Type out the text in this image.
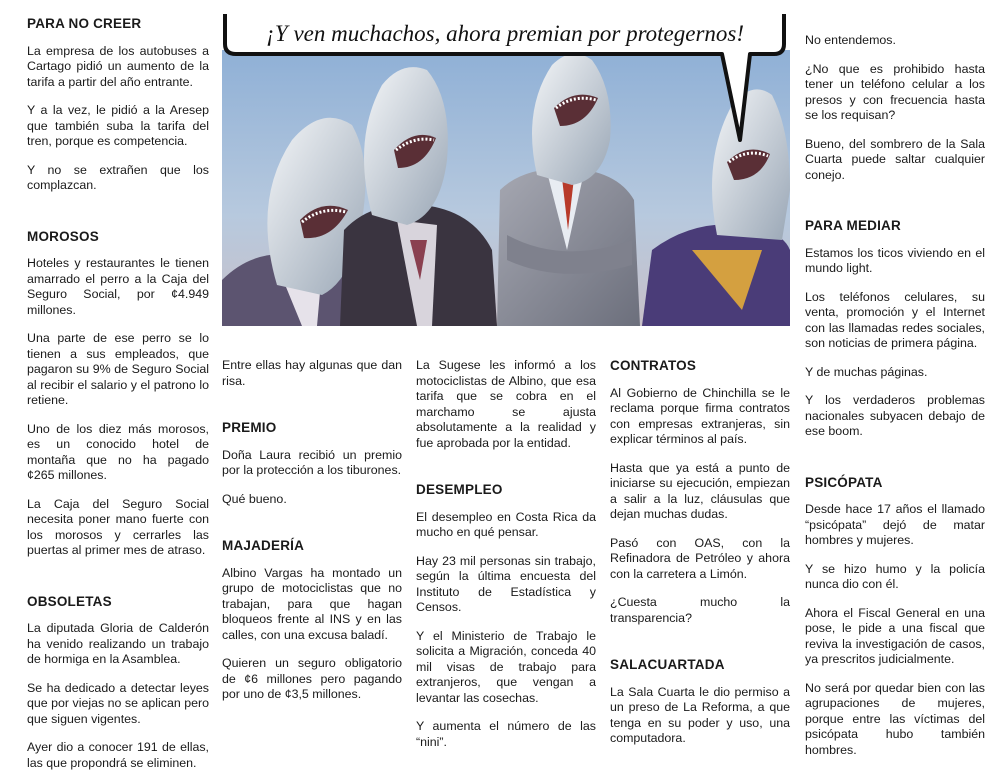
¡Y ven muchachos, ahora premian por protegernos!
PARA NO CREER

La empresa de los autobuses a Cartago pidió un aumento de la tarifa a partir del año entrante.

Y a la vez, le pidió a la Aresep que también suba la tarifa del tren, porque es competencia.

Y no se extrañen que los complazcan.

MOROSOS

Hoteles y restaurantes le tienen amarrado el perro a la Caja del Seguro Social, por ¢4.949 millones.

Una parte de ese perro se lo tienen a sus empleados, que pagaron su 9% de Seguro Social al recibir el salario y el patrono lo retiene.

Uno de los diez más morosos, es un conocido hotel de montaña que no ha pagado ¢265 millones.

La Caja del Seguro Social necesita poner mano fuerte con los morosos y cerrarles las puertas al primer mes de atraso.

OBSOLETAS

La diputada Gloria de Calderón ha venido realizando un trabajo de hormiga en la Asamblea.

Se ha dedicado a detectar leyes que por viejas no se aplican pero que siguen vigentes.

Ayer dio a conocer 191 de ellas, las que propondrá se eliminen.

Entre ellas hay algunas que dan risa.

PREMIO

Doña Laura recibió un premio por la protección a los tiburones.

Qué bueno.

MAJADERÍA

Albino Vargas ha montado un grupo de motociclistas que no trabajan, para que hagan bloqueos frente al INS y en las calles, con una excusa baladí.

Quieren un seguro obligatorio de ¢6 millones pero pagando por uno de ¢3,5 millones.

La Sugese les informó a los motociclistas de Albino, que esa tarifa que se cobra en el marchamo se ajusta absolutamente a la realidad y fue aprobada por la entidad.

DESEMPLEO

El desempleo en Costa Rica da mucho en qué pensar.

Hay 23 mil personas sin trabajo, según la última encuesta del Instituto de Estadística y Censos.

Y el Ministerio de Trabajo le solicita a Migración, conceda 40 mil visas de trabajo para extranjeros, que vengan a levantar las cosechas.

Y aumenta el número de las “nini”.

CONTRATOS

Al Gobierno de Chinchilla se le reclama porque firma contratos con empresas extranjeras, sin explicar términos al país.

Hasta que ya está a punto de iniciarse su ejecución, empiezan a salir a la luz, cláusulas que dejan muchas dudas.

Pasó con OAS, con la Refinadora de Petróleo y ahora con la carretera a Limón.

¿Cuesta mucho la transparencia?

SALACUARTADA

La Sala Cuarta le dio permiso a un preso de La Reforma, a que tenga en su poder y uso, una computadora.

No entendemos.

¿No que es prohibido hasta tener un teléfono celular a los presos y con frecuencia hasta se los requisan?

Bueno, del sombrero de la Sala Cuarta puede saltar cualquier conejo.

PARA MEDIAR

Estamos los ticos viviendo en el mundo light.

Los teléfonos celulares, su venta, promoción y el Internet con las llamadas redes sociales, son noticias de primera página.

Y de muchas páginas.

Y los verdaderos problemas nacionales subyacen debajo de ese boom.

PSICÓPATA

Desde hace 17 años el llamado “psicópata” dejó de matar hombres y mujeres.

Y se hizo humo y la policía nunca dio con él.

Ahora el Fiscal General en una pose, le pide a una fiscal que reviva la investigación de casos, ya prescritos judicialmente.

No será por quedar bien con las agrupaciones de mujeres, porque entre las víctimas del psicópata hubo también hombres.
